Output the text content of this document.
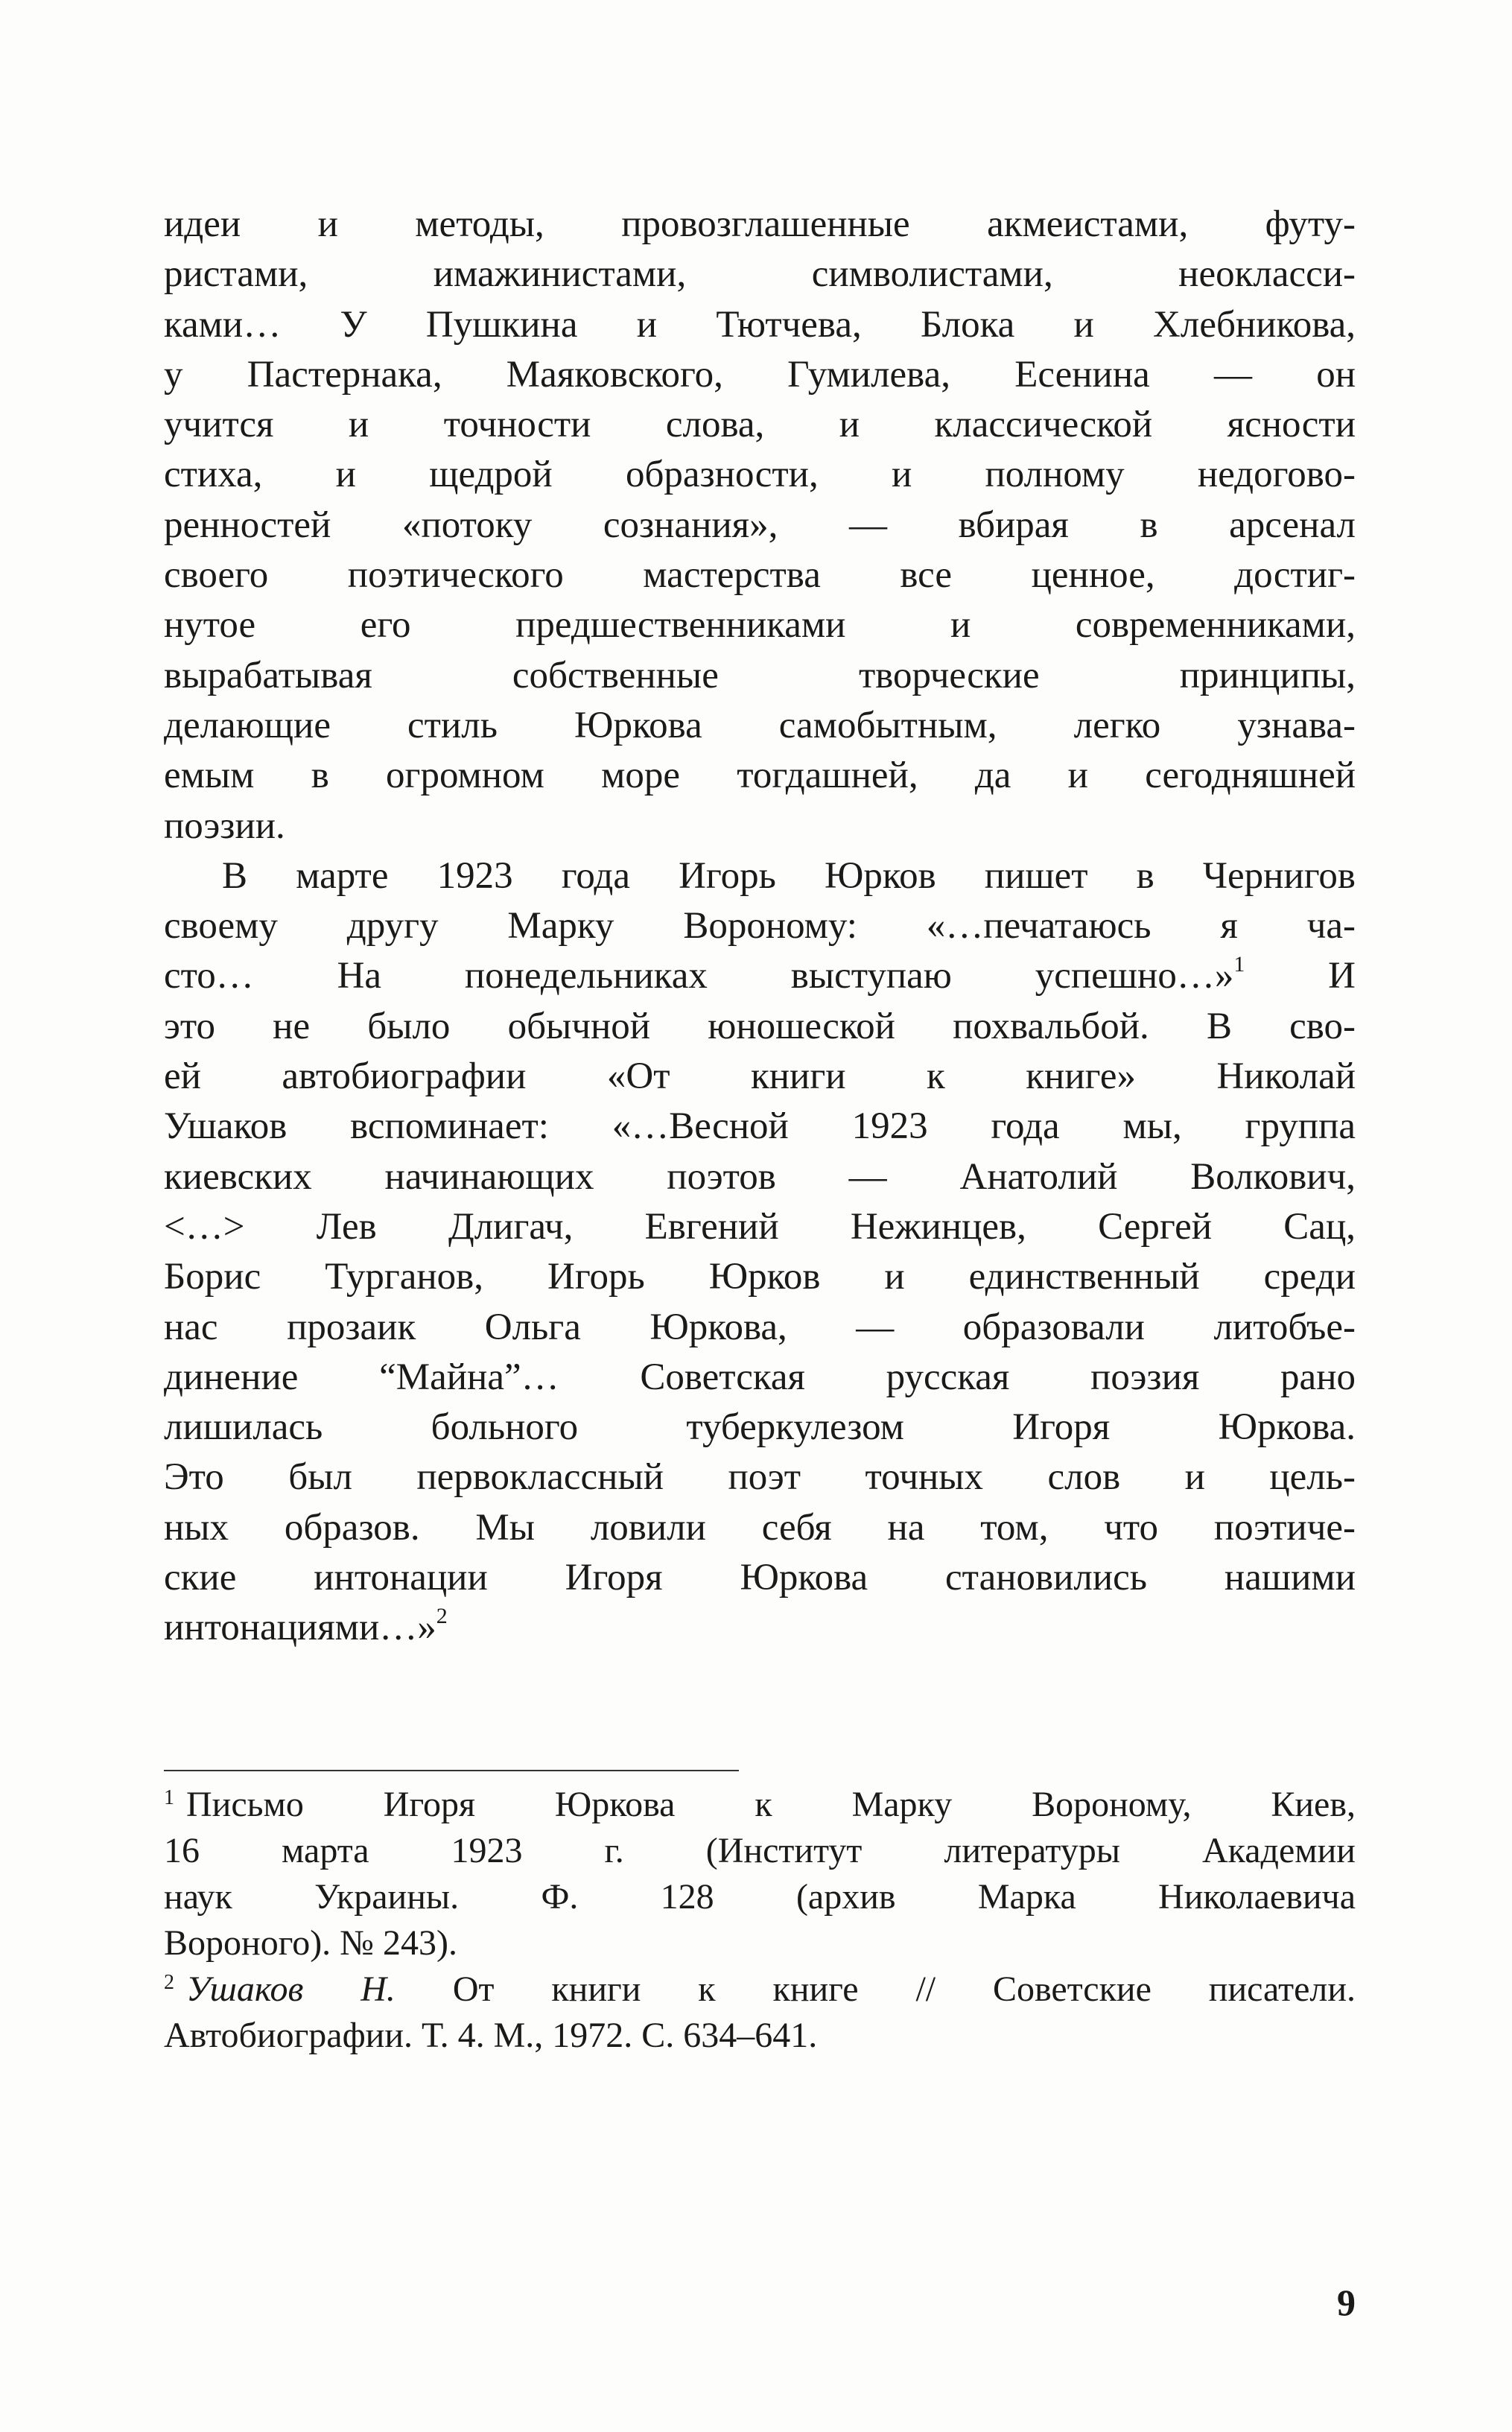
идеи и методы, провозглашенные акмеистами, футу-
ристами, имажинистами, символистами, неокласси-
ками… У Пушкина и Тютчева, Блока и Хлебникова,
у Пастернака, Маяковского, Гумилева, Есенина — он
учится и точности слова, и классической ясности
стиха, и щедрой образности, и полному недогово-
ренностей «потоку сознания», — вбирая в арсенал
своего поэтического мастерства все ценное, достиг-
нутое его предшественниками и современниками,
вырабатывая собственные творческие принципы,
делающие стиль Юркова самобытным, легко узнава-
емым в огромном море тогдашней, да и сегодняшней
поэзии.
В марте 1923 года Игорь Юрков пишет в Чернигов
своему другу Марку Вороному: «…печатаюсь я ча-
сто… На понедельниках выступаю успешно…»$^1$ И
это не было обычной юношеской похвальбой. В сво-
ей автобиографии «От книги к книге» Николай
Ушаков вспоминает: «…Весной 1923 года мы, группа
киевских начинающих поэтов — Анатолий Волкович,
<…> Лев Длигач, Евгений Нежинцев, Сергей Сац,
Борис Турганов, Игорь Юрков и единственный среди
нас прозаик Ольга Юркова, — образовали литобъе-
динение “Майна”… Советская русская поэзия рано
лишилась больного туберкулезом Игоря Юркова.
Это был первоклассный поэт точных слов и цель-
ных образов. Мы ловили себя на том, что поэтиче-
ские интонации Игоря Юркова становились нашими
интонациями…»$^2$
$^1$ Письмо Игоря Юркова к Марку Вороному, Киев,
16 марта 1923 г. (Институт литературы Академии
наук Украины. Ф. 128 (архив Марка Николаевича
Вороного). № 243).
$^2$ Ушаков Н. От книги к книге // Советские писатели.
Автобиографии. Т. 4. М., 1972. С. 634–641.
9
